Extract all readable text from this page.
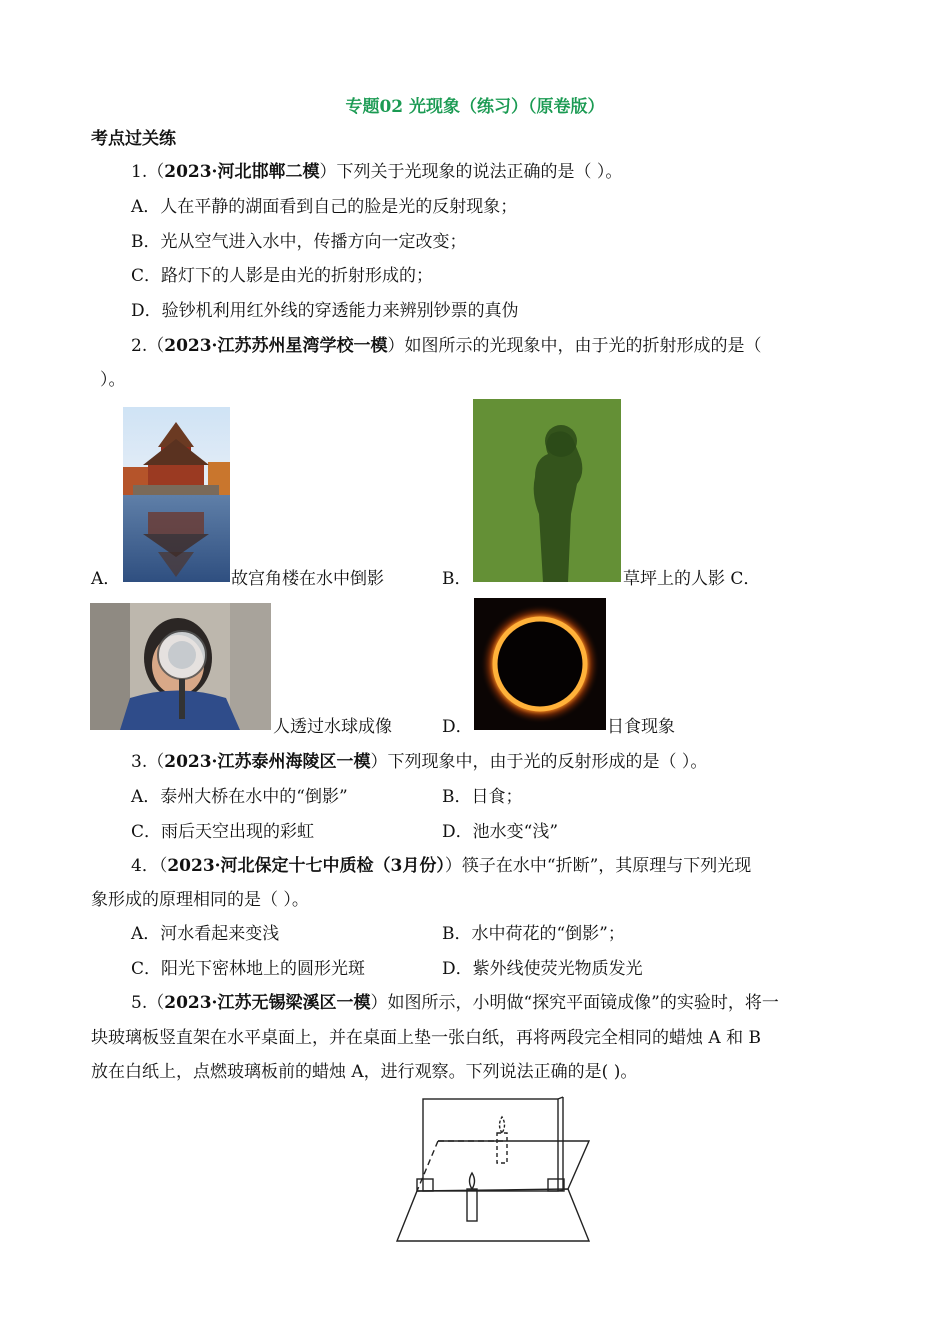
专题02 光现象（练习）（原卷版）
考点过关练
1.（2023·河北邯郸二模）下列关于光现象的说法正确的是（ ）。
A．人在平静的湖面看到自己的脸是光的反射现象；
B．光从空气进入水中，传播方向一定改变；
C．路灯下的人影是由光的折射形成的；
D．验钞机利用红外线的穿透能力来辨别钞票的真伪
2.（2023·江苏苏州星湾学校一模）如图所示的光现象中，由于光的折射形成的是（
）。
A．	故宫角楼在水中倒影	B．	草坪上的人影 C．
人透过水球成像	D．	日食现象
3.（2023·江苏泰州海陵区一模）下列现象中，由于光的反射形成的是（ ）。
A．泰州大桥在水中的“倒影”	B．日食；
C．雨后天空出现的彩虹	D．池水变“浅”
4．（2023·河北保定十七中质检（3月份））筷子在水中“折断”，其原理与下列光现
象形成的原理相同的是（ ）。
A．河水看起来变浅	B．水中荷花的“倒影”；
C．阳光下密林地上的圆形光斑	D．紫外线使荧光物质发光
5.（2023·江苏无锡梁溪区一模）如图所示，小明做“探究平面镜成像”的实验时，将一
块玻璃板竖直架在水平桌面上，并在桌面上垫一张白纸，再将两段完全相同的蜡烛 A 和 B
放在白纸上，点燃玻璃板前的蜡烛 A，进行观察。下列说法正确的是( )。
